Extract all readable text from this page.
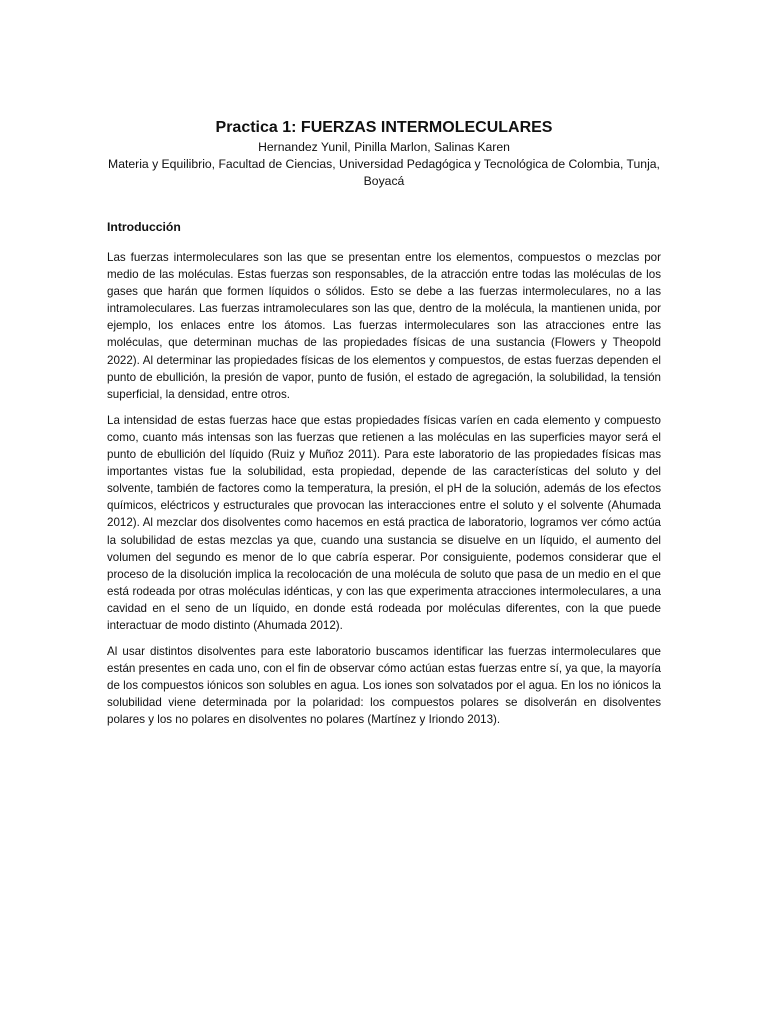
Practica 1: FUERZAS INTERMOLECULARES

Hernandez Yunil, Pinilla Marlon, Salinas Karen

Materia y Equilibrio, Facultad de Ciencias, Universidad Pedagógica y Tecnológica de Colombia, Tunja, Boyacá

Introducción

Las fuerzas intermoleculares son las que se presentan entre los elementos, compuestos o mezclas por medio de las moléculas. Estas fuerzas son responsables, de la atracción entre todas las moléculas de los gases que harán que formen líquidos o sólidos. Esto se debe a las fuerzas intermoleculares, no a las intramoleculares. Las fuerzas intramoleculares son las que, dentro de la molécula, la mantienen unida, por ejemplo, los enlaces entre los átomos. Las fuerzas intermoleculares son las atracciones entre las moléculas, que determinan muchas de las propiedades físicas de una sustancia (Flowers y Theopold 2022). Al determinar las propiedades físicas de los elementos y compuestos, de estas fuerzas dependen el punto de ebullición, la presión de vapor, punto de fusión, el estado de agregación, la solubilidad, la tensión superficial, la densidad, entre otros.

La intensidad de estas fuerzas hace que estas propiedades físicas varíen en cada elemento y compuesto como, cuanto más intensas son las fuerzas que retienen a las moléculas en las superficies mayor será el punto de ebullición del líquido (Ruiz y Muñoz 2011). Para este laboratorio de las propiedades físicas mas importantes vistas fue la solubilidad, esta propiedad, depende de las características del soluto y del solvente, también de factores como la temperatura, la presión, el pH de la solución, además de los efectos químicos, eléctricos y estructurales que provocan las interacciones entre el soluto y el solvente (Ahumada 2012). Al mezclar dos disolventes como hacemos en está practica de laboratorio, logramos ver cómo actúa la solubilidad de estas mezclas ya que, cuando una sustancia se disuelve en un líquido, el aumento del volumen del segundo es menor de lo que cabría esperar. Por consiguiente, podemos considerar que el proceso de la disolución implica la recolocación de una molécula de soluto que pasa de un medio en el que está rodeada por otras moléculas idénticas, y con las que experimenta atracciones intermoleculares, a una cavidad en el seno de un líquido, en donde está rodeada por moléculas diferentes, con la que puede interactuar de modo distinto (Ahumada 2012).

Al usar distintos disolventes para este laboratorio buscamos identificar las fuerzas intermoleculares que están presentes en cada uno, con el fin de observar cómo actúan estas fuerzas entre sí, ya que, la mayoría de los compuestos iónicos son solubles en agua. Los iones son solvatados por el agua. En los no iónicos la solubilidad viene determinada por la polaridad: los compuestos polares se disolverán en disolventes polares y los no polares en disolventes no polares (Martínez y Iriondo 2013).
